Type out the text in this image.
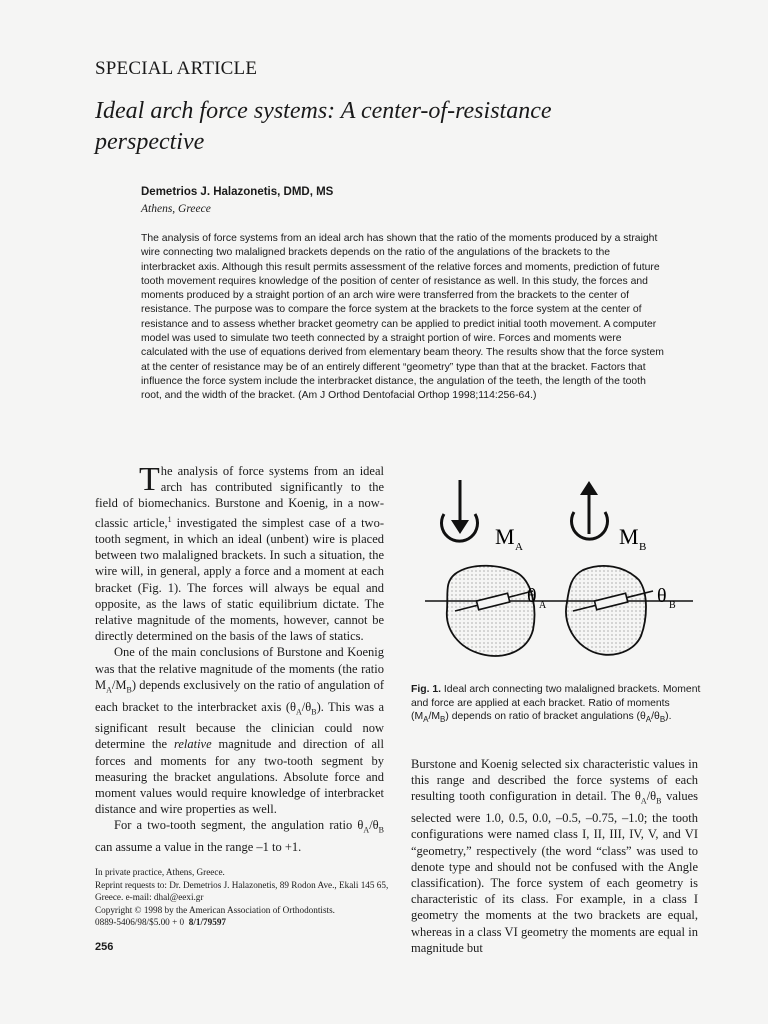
SPECIAL ARTICLE
Ideal arch force systems: A center-of-resistance perspective
Demetrios J. Halazonetis, DMD, MS
Athens, Greece
The analysis of force systems from an ideal arch has shown that the ratio of the moments produced by a straight wire connecting two malaligned brackets depends on the ratio of the angulations of the brackets to the interbracket axis. Although this result permits assessment of the relative forces and moments, prediction of future tooth movement requires knowledge of the position of center of resistance as well. In this study, the forces and moments produced by a straight portion of an arch wire were transferred from the brackets to the center of resistance. The purpose was to compare the force system at the brackets to the force system at the center of resistance and to assess whether bracket geometry can be applied to predict initial tooth movement. A computer model was used to simulate two teeth connected by a straight portion of wire. Forces and moments were calculated with the use of equations derived from elementary beam theory. The results show that the force system at the center of resistance may be of an entirely different “geometry” type than that at the bracket. Factors that influence the force system include the interbracket distance, the angulation of the teeth, the length of the tooth root, and the width of the bracket. (Am J Orthod Dentofacial Orthop 1998;114:256-64.)

The analysis of force systems from an ideal arch has contributed significantly to the field of biomechanics. Burstone and Koenig, in a now-classic article,$^1$ investigated the simplest case of a two-tooth segment, in which an ideal (unbent) wire is placed between two malaligned brackets. In such a situation, the wire will, in general, apply a force and a moment at each bracket (Fig. 1). The forces will always be equal and opposite, as the laws of static equilibrium dictate. The relative magnitude of the moments, however, cannot be directly determined on the basis of the laws of statics.

One of the main conclusions of Burstone and Koenig was that the relative magnitude of the moments (the ratio $M_A/M_B$) depends exclusively on the ratio of angulation of each bracket to the interbracket axis $(\theta_A/\theta_B)$. This was a significant result because the clinician could now determine the relative magnitude and direction of all forces and moments for any two-tooth segment by measuring the bracket angulations. Absolute force and moment values would require knowledge of interbracket distance and wire properties as well.

For a two-tooth segment, the angulation ratio $\theta_A/\theta_B$ can assume a value in the range –1 to +1.

M A	M B
θ A	θ B
Fig. 1. Ideal arch connecting two malaligned brackets. Moment and force are applied at each bracket. Ratio of moments $(M_A/M_B)$ depends on ratio of bracket angulations $(\theta_A/\theta_B)$.

Burstone and Koenig selected six characteristic values in this range and described the force systems of each resulting tooth configuration in detail. The $\theta_A/\theta_B$ values selected were 1.0, 0.5, 0.0, –0.5, –0.75, –1.0; the tooth configurations were named class I, II, III, IV, V, and VI “geometry,” respectively (the word “class” was used to denote type and should not be confused with the Angle classification). The force system of each geometry is characteristic of its class. For example, in a class I geometry the moments at the two brackets are equal, whereas in a class VI geometry the moments are equal in magnitude but

In private practice, Athens, Greece.
Reprint requests to: Dr. Demetrios J. Halazonetis, 89 Rodon Ave., Ekali 145 65, Greece. e-mail: dhal@eexi.gr
Copyright © 1998 by the American Association of Orthodontists.
0889-5406/98/$5.00 + 0 8/1/79597
256
